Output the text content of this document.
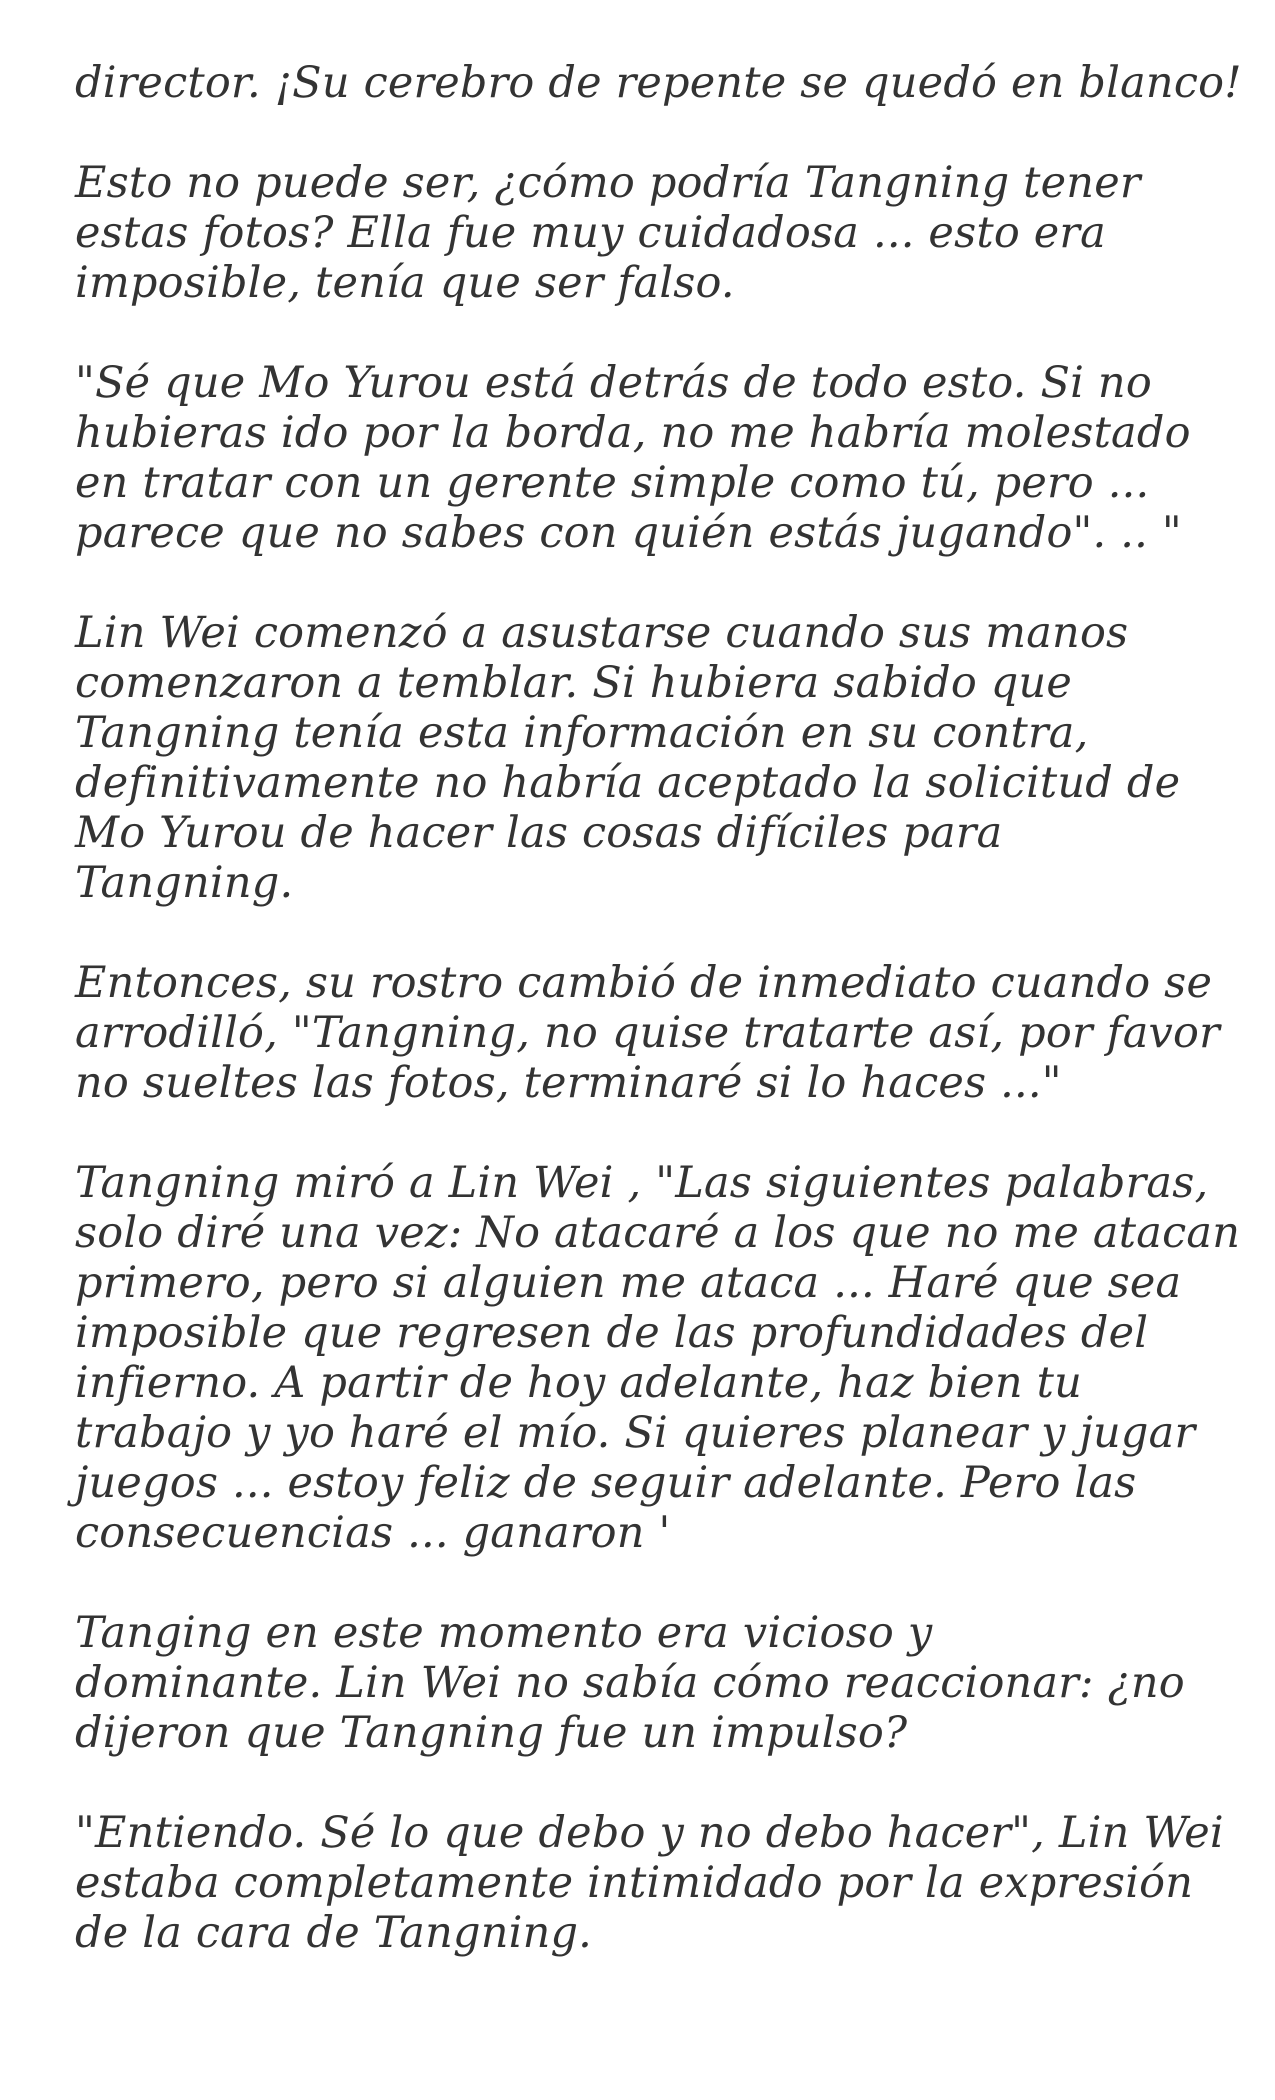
director. ¡Su cerebro de repente se quedó en blanco!

Esto no puede ser, ¿cómo podría Tangning tener
estas fotos? Ella fue muy cuidadosa ... esto era
imposible, tenía que ser falso.

"Sé que Mo Yurou está detrás de todo esto. Si no
hubieras ido por la borda, no me habría molestado
en tratar con un gerente simple como tú, pero ...
parece que no sabes con quién estás jugando". .. "

Lin Wei comenzó a asustarse cuando sus manos
comenzaron a temblar. Si hubiera sabido que
Tangning tenía esta información en su contra,
definitivamente no habría aceptado la solicitud de
Mo Yurou de hacer las cosas difíciles para
Tangning.

Entonces, su rostro cambió de inmediato cuando se
arrodilló, "Tangning, no quise tratarte así, por favor
no sueltes las fotos, terminaré si lo haces ..."

Tangning miró a Lin Wei , "Las siguientes palabras,
solo diré una vez: No atacaré a los que no me atacan
primero, pero si alguien me ataca ... Haré que sea
imposible que regresen de las profundidades del
infierno. A partir de hoy adelante, haz bien tu
trabajo y yo haré el mío. Si quieres planear y jugar
juegos ... estoy feliz de seguir adelante. Pero las
consecuencias ... ganaron '

Tanging en este momento era vicioso y
dominante. Lin Wei no sabía cómo reaccionar: ¿no
dijeron que Tangning fue un impulso?

"Entiendo. Sé lo que debo y no debo hacer", Lin Wei
estaba completamente intimidado por la expresión
de la cara de Tangning.
